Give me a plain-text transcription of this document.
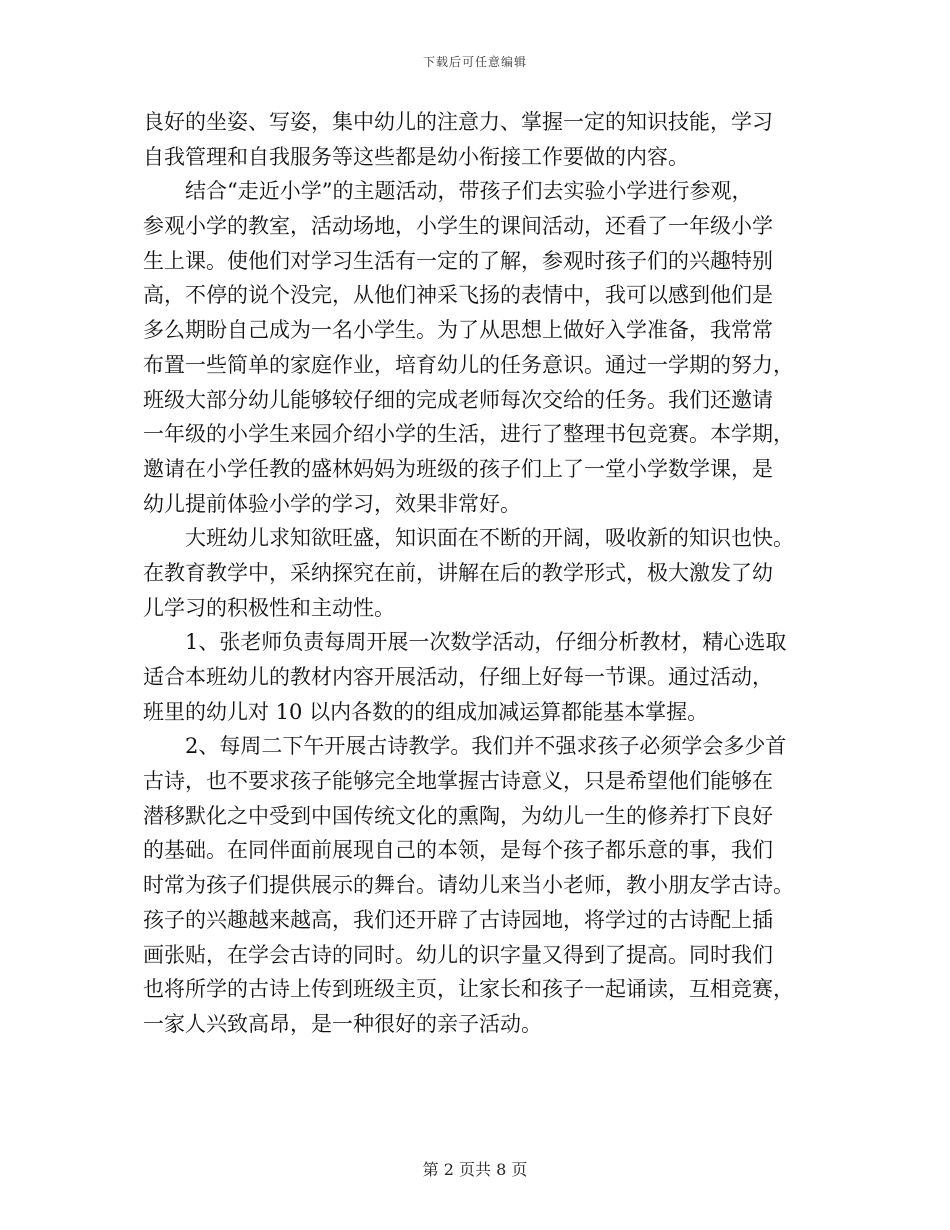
下载后可任意编辑
良好的坐姿、写姿，集中幼儿的注意力、掌握一定的知识技能，学习
自我管理和自我服务等这些都是幼小衔接工作要做的内容。
结合“走近小学”的主题活动，带孩子们去实验小学进行参观，
参观小学的教室，活动场地，小学生的课间活动，还看了一年级小学
生上课。使他们对学习生活有一定的了解，参观时孩子们的兴趣特别
高，不停的说个没完，从他们神采飞扬的表情中，我可以感到他们是
多么期盼自己成为一名小学生。为了从思想上做好入学准备，我常常
布置一些简单的家庭作业，培育幼儿的任务意识。通过一学期的努力，
班级大部分幼儿能够较仔细的完成老师每次交给的任务。我们还邀请
一年级的小学生来园介绍小学的生活，进行了整理书包竞赛。本学期，
邀请在小学任教的盛林妈妈为班级的孩子们上了一堂小学数学课，是
幼儿提前体验小学的学习，效果非常好。
大班幼儿求知欲旺盛，知识面在不断的开阔，吸收新的知识也快。
在教育教学中，采纳探究在前，讲解在后的教学形式，极大激发了幼
儿学习的积极性和主动性。
1、张老师负责每周开展一次数学活动，仔细分析教材，精心选取
适合本班幼儿的教材内容开展活动，仔细上好每一节课。通过活动，
班里的幼儿对 10 以内各数的的组成加减运算都能基本掌握。
2、每周二下午开展古诗教学。我们并不强求孩子必须学会多少首
古诗，也不要求孩子能够完全地掌握古诗意义，只是希望他们能够在
潜移默化之中受到中国传统文化的熏陶，为幼儿一生的修养打下良好
的基础。在同伴面前展现自己的本领，是每个孩子都乐意的事，我们
时常为孩子们提供展示的舞台。请幼儿来当小老师，教小朋友学古诗。
孩子的兴趣越来越高，我们还开辟了古诗园地，将学过的古诗配上插
画张贴，在学会古诗的同时。幼儿的识字量又得到了提高。同时我们
也将所学的古诗上传到班级主页，让家长和孩子一起诵读，互相竞赛，
一家人兴致高昂，是一种很好的亲子活动。
第 2 页共 8 页
